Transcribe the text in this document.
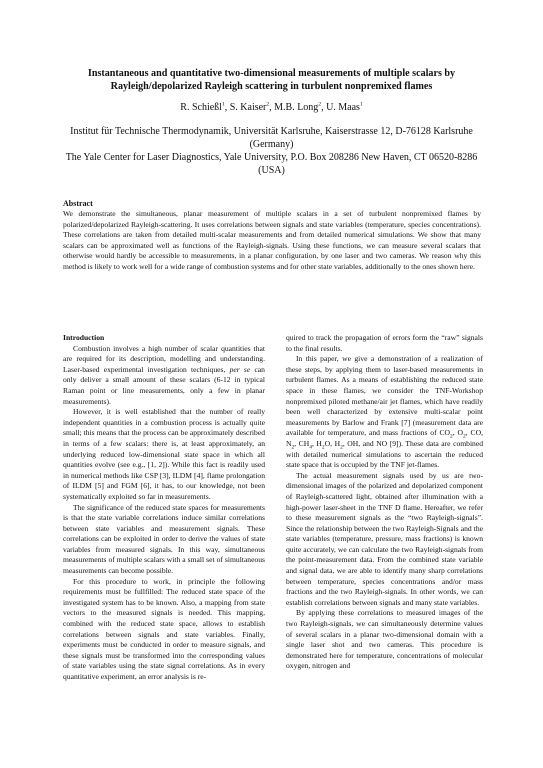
Instantaneous and quantitative two-dimensional measurements of multiple scalars by Rayleigh/depolarized Rayleigh scattering in turbulent nonpremixed flames

R. Schießl$^1$, S. Kaiser$^2$, M.B. Long$^2$, U. Maas$^1$

Institut für Technische Thermodynamik, Universität Karlsruhe, Kaiserstrasse 12, D-76128 Karlsruhe (Germany)

The Yale Center for Laser Diagnostics, Yale University, P.O. Box 208286 New Haven, CT 06520-8286 (USA)

Abstract

We demonstrate the simultaneous, planar measurement of multiple scalars in a set of turbulent nonpremixed flames by polarized/depolarized Rayleigh-scattering. It uses correlations between signals and state variables (temperature, species concentrations). These correlations are taken from detailed multi-scalar measurements and from detailed numerical simulations. We show that many scalars can be approximated well as functions of the Rayleigh-signals. Using these functions, we can measure several scalars that otherwise would hardly be accessible to measurements, in a planar configuration, by one laser and two cameras. We reason why this method is likely to work well for a wide range of combustion systems and for other state variables, additionally to the ones shown here.

Introduction

Combustion involves a high number of scalar quantities that are required for its description, modelling and understanding. Laser-based experimental investigation techniques, per se can only deliver a small amount of these scalars (6-12 in typical Raman point or line measurements, only a few in planar measurements).

However, it is well established that the number of really independent quantities in a combustion process is actually quite small; this means that the process can be approximately described in terms of a few scalars: there is, at least approximately, an underlying reduced low-dimensional state space in which all quantities evolve (see e.g., [1, 2]). While this fact is readily used in numerical methods like CSP [3], ILDM [4], flame prolongation of ILDM [5] and FGM [6], it has, to our knowledge, not been systematically exploited so far in measurements.

The significance of the reduced state spaces for measurements is that the state variable correlations induce similar correlations between state variables and measurement signals. These correlations can be exploited in order to derive the values of state variables from measured signals. In this way, simultaneous measurements of multiple scalars with a small set of simultaneous measurements can become possible.

For this procedure to work, in principle the following requirements must be fullfilled: The reduced state space of the investigated system has to be known. Also, a mapping from state vectors to the measured signals is needed. This mapping, combined with the reduced state space, allows to establish correlations between signals and state variables. Finally, experiments must be conducted in order to measure signals, and these signals must be transformed into the corresponding values of state variables using the state signal correlations. As in every quantitative experiment, an error analysis is re-

quired to track the propagation of errors form the “raw” signals to the final results.

In this paper, we give a demonstration of a realization of these steps, by applying them to laser-based measurements in turbulent flames. As a means of establishing the reduced state space in these flames, we consider the TNF-Workshop nonpremixed piloted methane/air jet flames, which have readily been well characterized by extensive multi-scalar point measurements by Barlow and Frank [7] (measurement data are available for temperature, and mass fractions of $CO_2$, $O_2$, CO, $N_2$, $CH_4$, $H_2O$, $H_2$, OH, and NO [9]). These data are combined with detailed numerical simulations to ascertain the reduced state space that is occupied by the TNF jet-flames.

The actual measurement signals used by us are two-dimensional images of the polarized and depolarized component of Rayleigh-scattered light, obtained after illumination with a high-power laser-sheet in the TNF D flame. Hereafter, we refer to these measurement signals as the “two Rayleigh-signals”. Since the relationship between the two Rayleigh-Signals and the state variables (temperature, pressure, mass fractions) is known quite accurately, we can calculate the two Rayleigh-signals from the point-measurement data. From the combined state variable and signal data, we are able to identify many sharp correlations between temperature, species concentrations and/or mass fractions and the two Rayleigh-signals. In other words, we can establish correlations between signals and many state variables.

By applying these correlations to measured images of the two Rayleigh-signals, we can simultaneously determine values of several scalars in a planar two-dimensional domain with a single laser shot and two cameras. This procedure is demonstrated here for temperature, concentrations of molecular oxygen, nitrogen and
